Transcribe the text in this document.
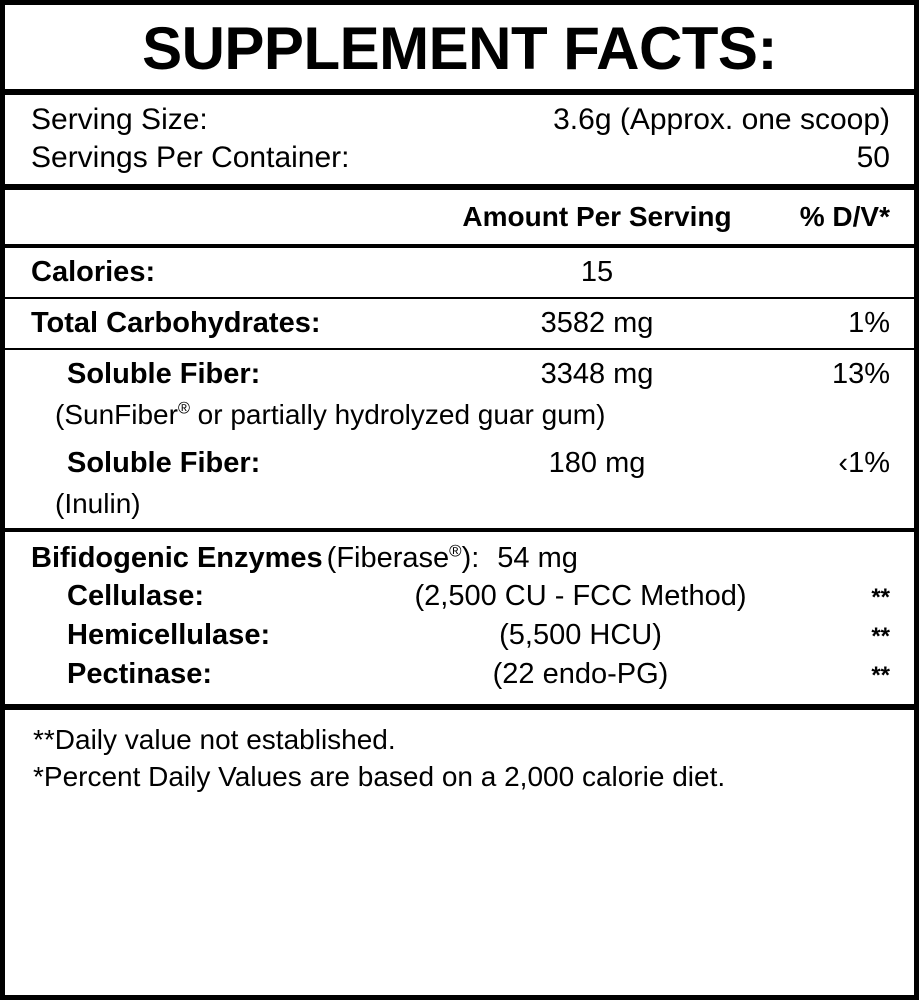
SUPPLEMENT FACTS:
Serving Size:	3.6g (Approx. one scoop)
Servings Per Container:	50
Amount Per Serving	% D/V*
Calories:	15
Total Carbohydrates:	3582 mg	1%
Soluble Fiber:	3348 mg	13%
(SunFiber® or partially hydrolyzed guar gum)
Soluble Fiber:	180 mg	‹1%
(Inulin)
Bifidogenic Enzymes (Fiberase®): 54 mg
Cellulase:	(2,500 CU - FCC Method)	**
Hemicellulase:	(5,500 HCU)	**
Pectinase:	(22 endo-PG)	**
**Daily value not established.
*Percent Daily Values are based on a 2,000 calorie diet.
